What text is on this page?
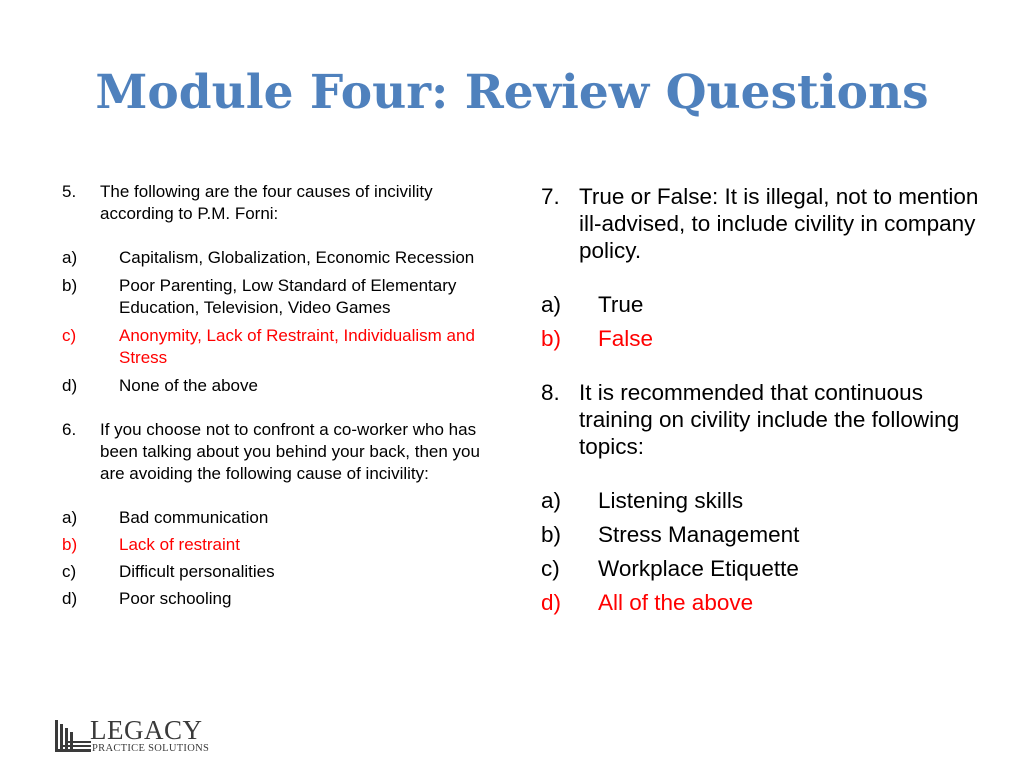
Module Four: Review Questions

5. The following are the four causes of incivility according to P.M. Forni:

a)	Capitalism, Globalization, Economic Recession
b)	Poor Parenting, Low Standard of Elementary Education, Television, Video Games
c)	Anonymity, Lack of Restraint, Individualism and Stress
d)	None of the above

6. If you choose not to confront a co-worker who has been talking about you behind your back, then you are avoiding the following cause of incivility:

a)	Bad communication
b)	Lack of restraint
c)	Difficult personalities
d)	Poor schooling

7. True or False: It is illegal, not to mention ill-advised, to include civility in company policy.

a)	True
b)	False

8. It is recommended that continuous training on civility include the following topics:

a)	Listening skills
b)	Stress Management
c)	Workplace Etiquette
d)	All of the above
LEGACY
PRACTICE SOLUTIONS
